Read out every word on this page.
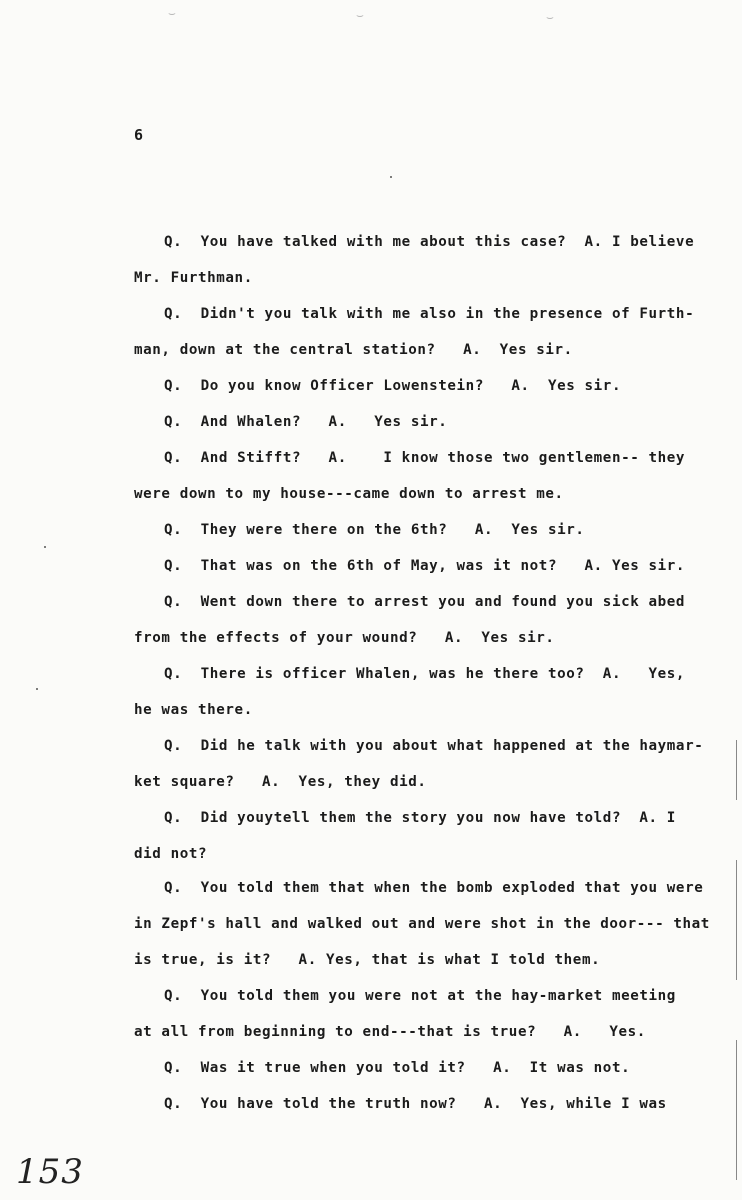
⌣	⌣	⌣
6
Q.  You have talked with me about this case?  A. I believe
Mr. Furthman.
Q.  Didn't you talk with me also in the presence of Furth-
man, down at the central station?   A.  Yes sir.
Q.  Do you know Officer Lowenstein?   A.  Yes sir.
Q.  And Whalen?   A.   Yes sir.
Q.  And Stifft?   A.    I know those two gentlemen-- they
were down to my house---came down to arrest me.
Q.  They were there on the 6th?   A.  Yes sir.
Q.  That was on the 6th of May, was it not?   A. Yes sir.
Q.  Went down there to arrest you and found you sick abed
from the effects of your wound?   A.  Yes sir.
Q.  There is officer Whalen, was he there too?  A.   Yes,
he was there.
Q.  Did he talk with you about what happened at the haymar-
ket square?   A.  Yes, they did.
Q.  Did youytell them the story you now have told?  A. I
did not?
Q.  You told them that when the bomb exploded that you were
in Zepf's hall and walked out and were shot in the door--- that
is true, is it?   A. Yes, that is what I told them.
Q.  You told them you were not at the hay-market meeting
at all from beginning to end---that is true?   A.   Yes.
Q.  Was it true when you told it?   A.  It was not.
Q.  You have told the truth now?   A.  Yes, while I was
153
